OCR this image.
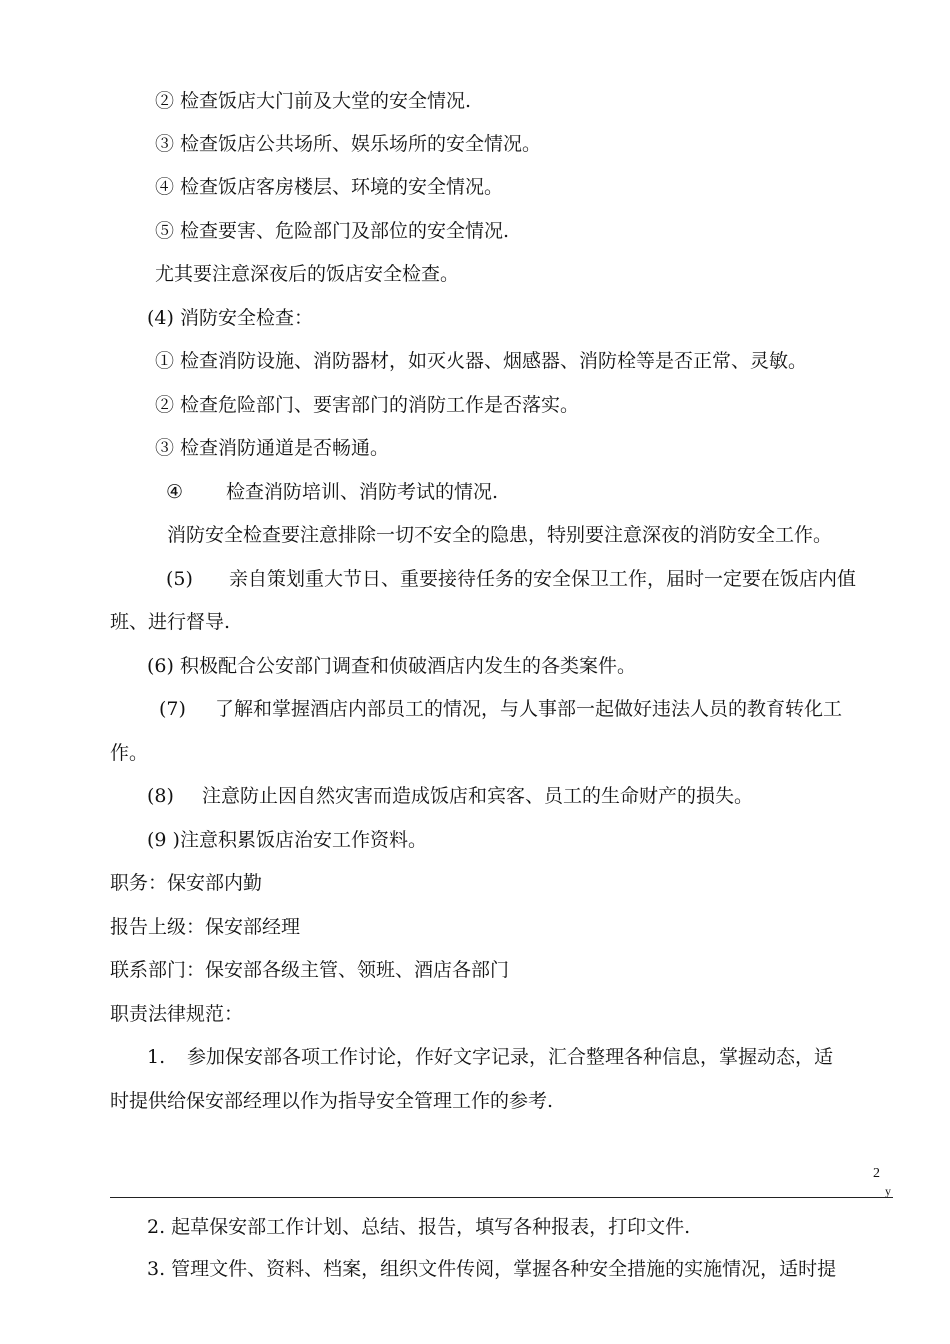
② 检查饭店大门前及大堂的安全情况.
③ 检查饭店公共场所、娱乐场所的安全情况。
④ 检查饭店客房楼层、环境的安全情况。
⑤ 检查要害、危险部门及部位的安全情况.
尤其要注意深夜后的饭店安全检查。
(4) 消防安全检查：
① 检查消防设施、消防器材，如灭火器、烟感器、消防栓等是否正常、灵敏。
② 检查危险部门、要害部门的消防工作是否落实。
③ 检查消防通道是否畅通。
④ 检查消防培训、消防考试的情况.
消防安全检查要注意排除一切不安全的隐患，特别要注意深夜的消防安全工作。
(5) 亲自策划重大节日、重要接待任务的安全保卫工作，届时一定要在饭店内值
班、进行督导.
(6) 积极配合公安部门调查和侦破酒店内发生的各类案件。
(7) 了解和掌握酒店内部员工的情况，与人事部一起做好违法人员的教育转化工
作。
(8) 注意防止因自然灾害而造成饭店和宾客、员工的生命财产的损失。
(9 )注意积累饭店治安工作资料。
职务：保安部内勤
报告上级：保安部经理
联系部门：保安部各级主管、领班、酒店各部门
职责法律规范：
1. 参加保安部各项工作讨论，作好文字记录，汇合整理各种信息，掌握动态，适
时提供给保安部经理以作为指导安全管理工作的参考.
2
y
2. 起草保安部工作计划、总结、报告，填写各种报表，打印文件.
3. 管理文件、资料、档案，组织文件传阅，掌握各种安全措施的实施情况，适时提
